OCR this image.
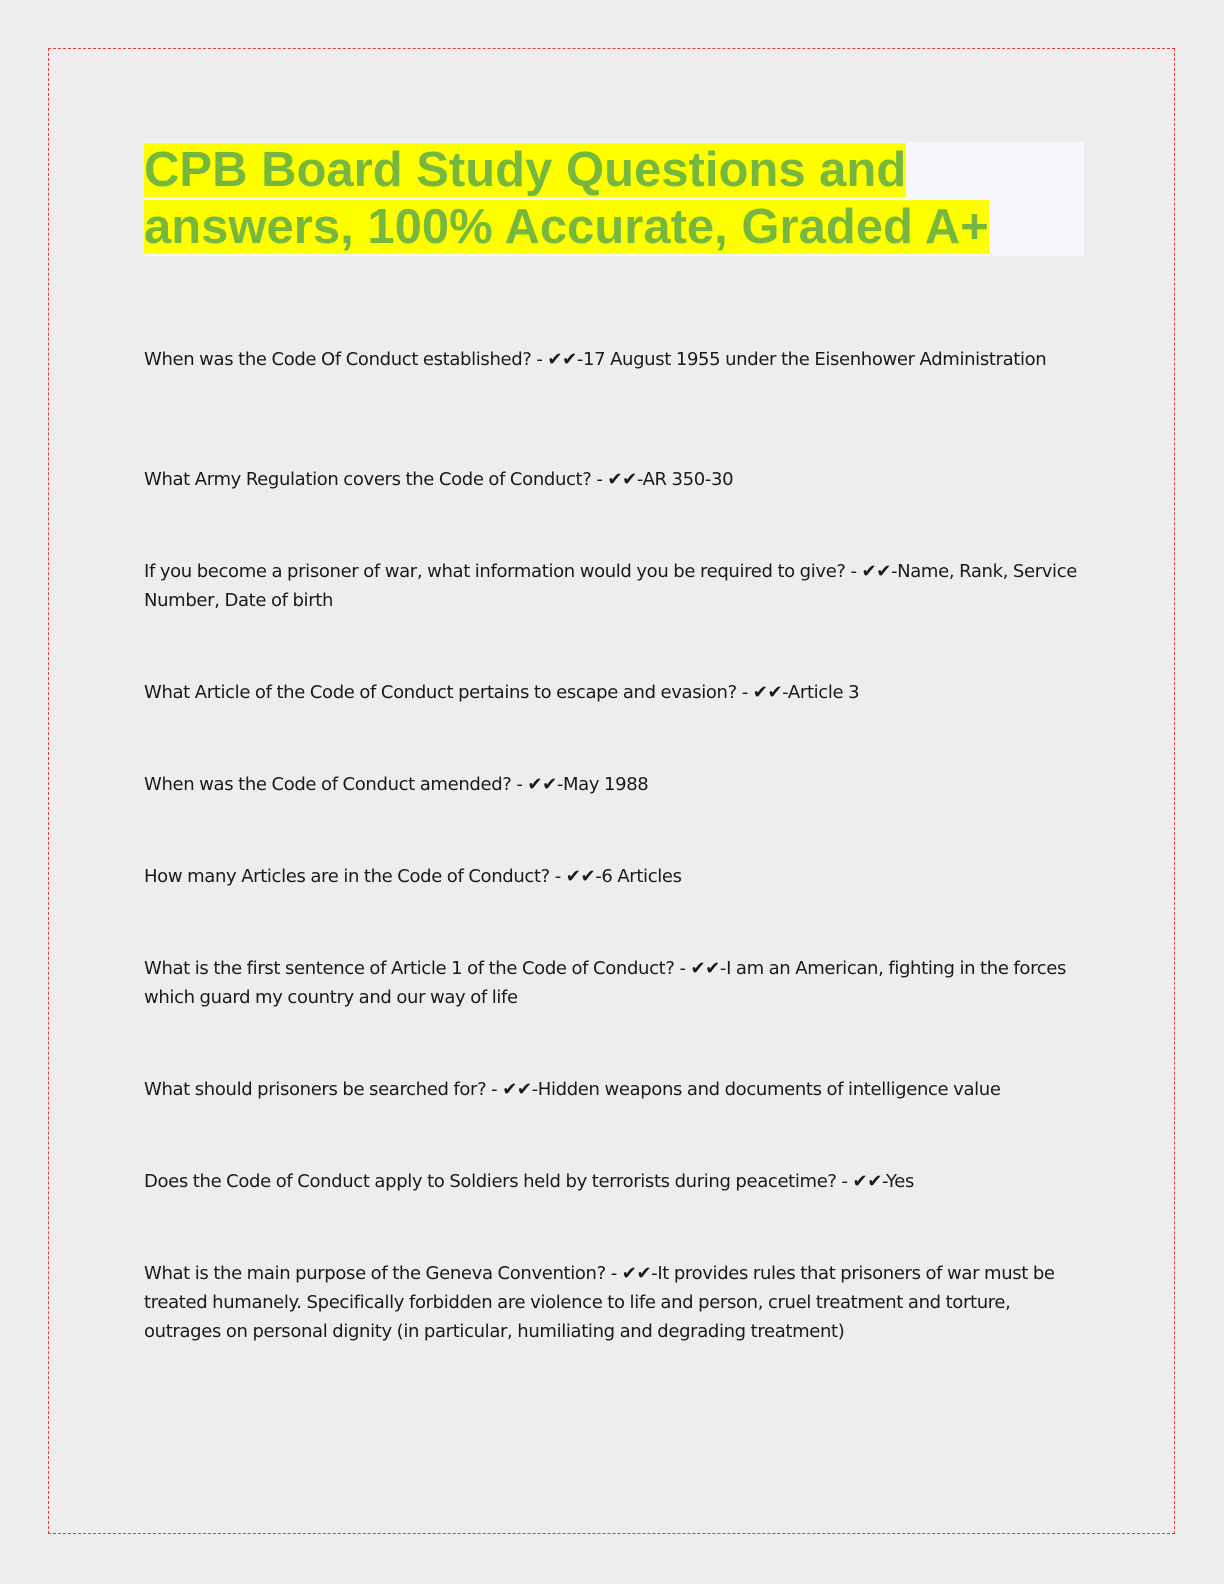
CPB Board Study Questions and
answers, 100% Accurate, Graded A+

When was the Code Of Conduct established? - ✔✔-17 August 1955 under the Eisenhower Administration

What Army Regulation covers the Code of Conduct? - ✔✔-AR 350-30

If you become a prisoner of war, what information would you be required to give? - ✔✔-Name, Rank, Service Number, Date of birth

What Article of the Code of Conduct pertains to escape and evasion? - ✔✔-Article 3

When was the Code of Conduct amended? - ✔✔-May 1988

How many Articles are in the Code of Conduct? - ✔✔-6 Articles

What is the first sentence of Article 1 of the Code of Conduct? - ✔✔-I am an American, fighting in the forces which guard my country and our way of life

What should prisoners be searched for? - ✔✔-Hidden weapons and documents of intelligence value

Does the Code of Conduct apply to Soldiers held by terrorists during peacetime? - ✔✔-Yes

What is the main purpose of the Geneva Convention? - ✔✔-It provides rules that prisoners of war must be treated humanely. Specifically forbidden are violence to life and person, cruel treatment and torture, outrages on personal dignity (in particular, humiliating and degrading treatment)
